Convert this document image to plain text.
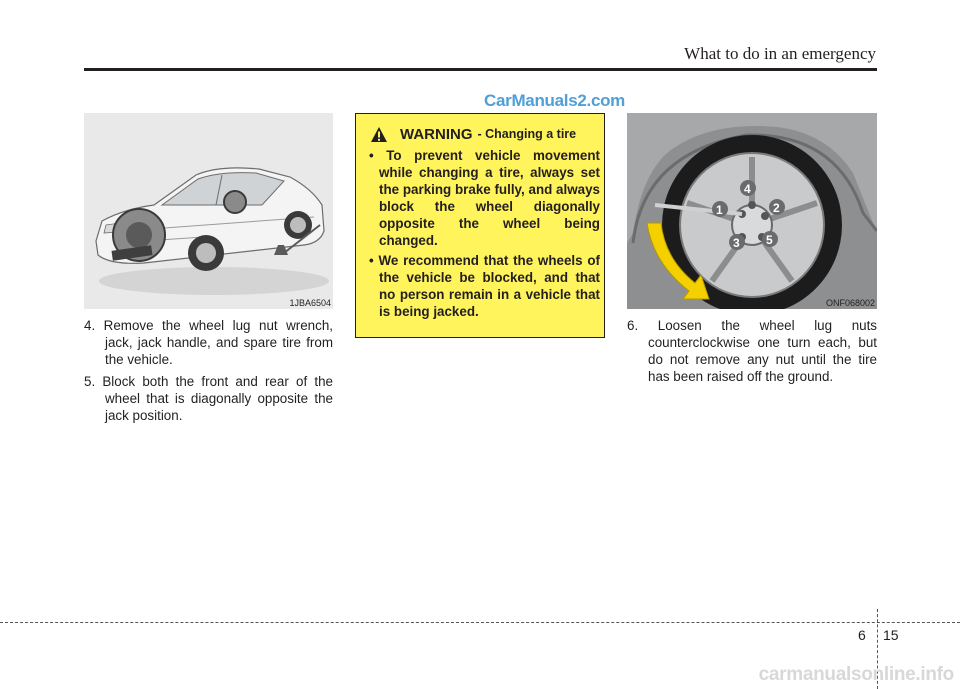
What to do in an emergency
CarManuals2.com
1JBA6504
4. Remove the wheel lug nut wrench, jack, jack handle, and spare tire from the vehicle.
5. Block both the front and rear of the wheel that is diagonally opposite the jack position.
WARNING - Changing a tire
• To prevent vehicle movement while changing a tire, always set the parking brake fully, and always block the wheel diagonally opposite the wheel being changed.
• We recommend that the wheels of the vehicle be blocked, and that no person remain in a vehicle that is being jacked.
4
1	2
3 5
ONF068002
6. Loosen the wheel lug nuts counterclockwise one turn each, but do not remove any nut until the tire has been raised off the ground.
6 15
carmanualsonline.info
